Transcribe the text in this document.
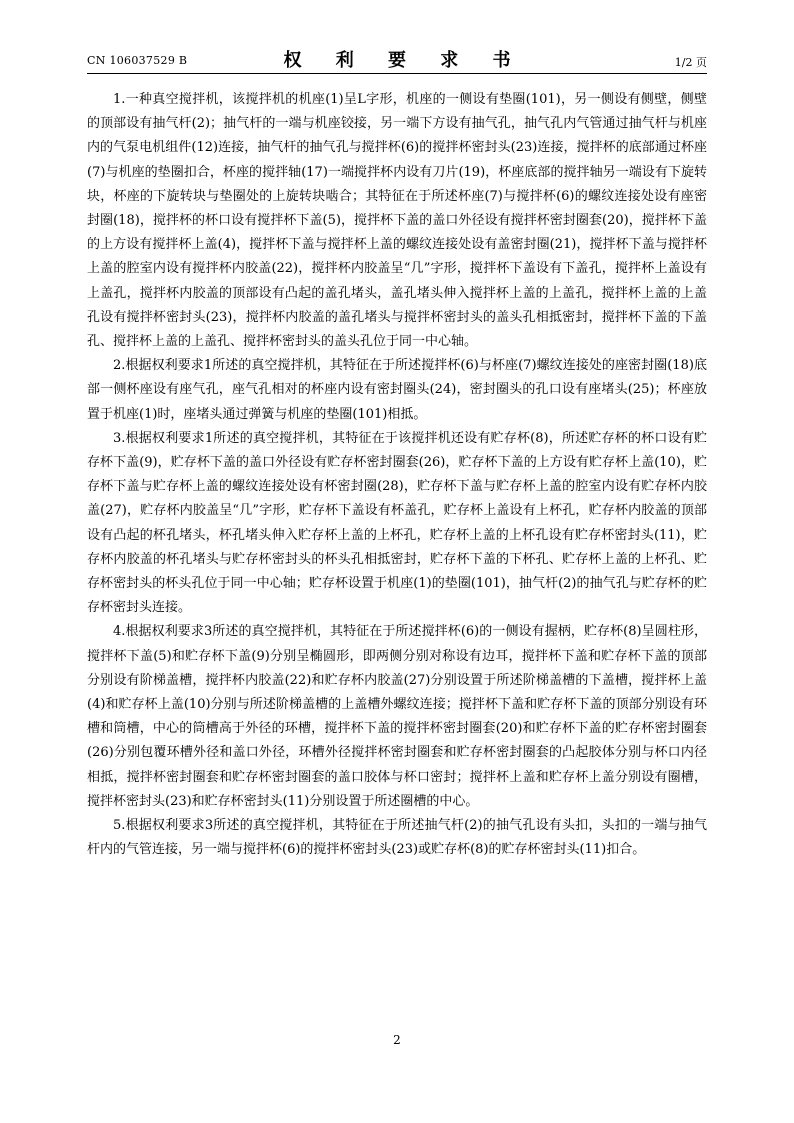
CN 106037529 B	权 利 要 求 书	1/2 页

1.一种真空搅拌机，该搅拌机的机座(1)呈L字形，机座的一侧设有垫圈(101)，另一侧设有侧壁，侧壁的顶部设有抽气杆(2)；抽气杆的一端与机座铰接，另一端下方设有抽气孔，抽气孔内气管通过抽气杆与机座内的气泵电机组件(12)连接，抽气杆的抽气孔与搅拌杯(6)的搅拌杯密封头(23)连接，搅拌杯的底部通过杯座(7)与机座的垫圈扣合，杯座的搅拌轴(17)一端搅拌杯内设有刀片(19)，杯座底部的搅拌轴另一端设有下旋转块，杯座的下旋转块与垫圈处的上旋转块啮合；其特征在于所述杯座(7)与搅拌杯(6)的螺纹连接处设有座密封圈(18)，搅拌杯的杯口设有搅拌杯下盖(5)，搅拌杯下盖的盖口外径设有搅拌杯密封圈套(20)，搅拌杯下盖的上方设有搅拌杯上盖(4)，搅拌杯下盖与搅拌杯上盖的螺纹连接处设有盖密封圈(21)，搅拌杯下盖与搅拌杯上盖的腔室内设有搅拌杯内胶盖(22)，搅拌杯内胶盖呈“几”字形，搅拌杯下盖设有下盖孔，搅拌杯上盖设有上盖孔，搅拌杯内胶盖的顶部设有凸起的盖孔堵头，盖孔堵头伸入搅拌杯上盖的上盖孔，搅拌杯上盖的上盖孔设有搅拌杯密封头(23)，搅拌杯内胶盖的盖孔堵头与搅拌杯密封头的盖头孔相抵密封，搅拌杯下盖的下盖孔、搅拌杯上盖的上盖孔、搅拌杯密封头的盖头孔位于同一中心轴。

2.根据权利要求1所述的真空搅拌机，其特征在于所述搅拌杯(6)与杯座(7)螺纹连接处的座密封圈(18)底部一侧杯座设有座气孔，座气孔相对的杯座内设有密封圈头(24)，密封圈头的孔口设有座堵头(25)；杯座放置于机座(1)时，座堵头通过弹簧与机座的垫圈(101)相抵。

3.根据权利要求1所述的真空搅拌机，其特征在于该搅拌机还设有贮存杯(8)，所述贮存杯的杯口设有贮存杯下盖(9)，贮存杯下盖的盖口外径设有贮存杯密封圈套(26)，贮存杯下盖的上方设有贮存杯上盖(10)，贮存杯下盖与贮存杯上盖的螺纹连接处设有杯密封圈(28)，贮存杯下盖与贮存杯上盖的腔室内设有贮存杯内胶盖(27)，贮存杯内胶盖呈“几”字形，贮存杯下盖设有杯盖孔，贮存杯上盖设有上杯孔，贮存杯内胶盖的顶部设有凸起的杯孔堵头，杯孔堵头伸入贮存杯上盖的上杯孔，贮存杯上盖的上杯孔设有贮存杯密封头(11)，贮存杯内胶盖的杯孔堵头与贮存杯密封头的杯头孔相抵密封，贮存杯下盖的下杯孔、贮存杯上盖的上杯孔、贮存杯密封头的杯头孔位于同一中心轴；贮存杯设置于机座(1)的垫圈(101)，抽气杆(2)的抽气孔与贮存杯的贮存杯密封头连接。

4.根据权利要求3所述的真空搅拌机，其特征在于所述搅拌杯(6)的一侧设有握柄，贮存杯(8)呈圆柱形，搅拌杯下盖(5)和贮存杯下盖(9)分别呈椭圆形，即两侧分别对称设有边耳，搅拌杯下盖和贮存杯下盖的顶部分别设有阶梯盖槽，搅拌杯内胶盖(22)和贮存杯内胶盖(27)分别设置于所述阶梯盖槽的下盖槽，搅拌杯上盖(4)和贮存杯上盖(10)分别与所述阶梯盖槽的上盖槽外螺纹连接；搅拌杯下盖和贮存杯下盖的顶部分别设有环槽和筒槽，中心的筒槽高于外径的环槽，搅拌杯下盖的搅拌杯密封圈套(20)和贮存杯下盖的贮存杯密封圈套(26)分别包覆环槽外径和盖口外径，环槽外径搅拌杯密封圈套和贮存杯密封圈套的凸起胶体分别与杯口内径相抵，搅拌杯密封圈套和贮存杯密封圈套的盖口胶体与杯口密封；搅拌杯上盖和贮存杯上盖分别设有圈槽，搅拌杯密封头(23)和贮存杯密封头(11)分别设置于所述圈槽的中心。

5.根据权利要求3所述的真空搅拌机，其特征在于所述抽气杆(2)的抽气孔设有头扣，头扣的一端与抽气杆内的气管连接，另一端与搅拌杯(6)的搅拌杯密封头(23)或贮存杯(8)的贮存杯密封头(11)扣合。

2
